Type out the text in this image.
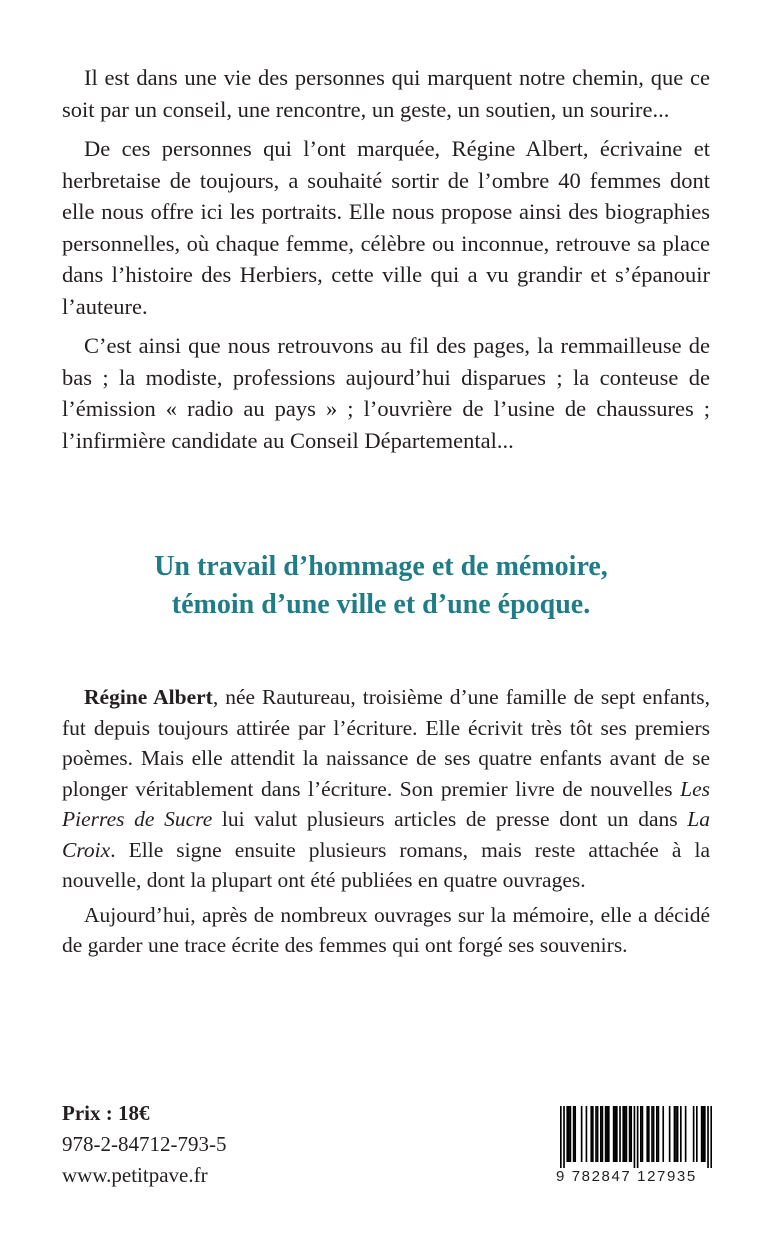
Il est dans une vie des personnes qui marquent notre chemin, que ce soit par un conseil, une rencontre, un geste, un soutien, un sourire...

De ces personnes qui l’ont marquée, Régine Albert, écrivaine et herbretaise de toujours, a souhaité sortir de l’ombre 40 femmes dont elle nous offre ici les portraits. Elle nous propose ainsi des biographies personnelles, où chaque femme, célèbre ou inconnue, retrouve sa place dans l’histoire des Herbiers, cette ville qui a vu grandir et s’épanouir l’auteure.

C’est ainsi que nous retrouvons au fil des pages, la remmailleuse de bas ; la modiste, professions aujourd’hui disparues ; la conteuse de l’émission « radio au pays » ; l’ouvrière de l’usine de chaussures ; l’infirmière candidate au Conseil Départemental...

Un travail d’hommage et de mémoire,
témoin d’une ville et d’une époque.

Régine Albert, née Rautureau, troisième d’une famille de sept enfants, fut depuis toujours attirée par l’écriture. Elle écrivit très tôt ses premiers poèmes. Mais elle attendit la naissance de ses quatre enfants avant de se plonger véritablement dans l’écriture. Son premier livre de nouvelles Les Pierres de Sucre lui valut plusieurs articles de presse dont un dans La Croix. Elle signe ensuite plusieurs romans, mais reste attachée à la nouvelle, dont la plupart ont été publiées en quatre ouvrages.

Aujourd’hui, après de nombreux ouvrages sur la mémoire, elle a décidé de garder une trace écrite des femmes qui ont forgé ses souvenirs.

Prix : 18€
978-2-84712-793-5
www.petitpave.fr	9 782847 127935
